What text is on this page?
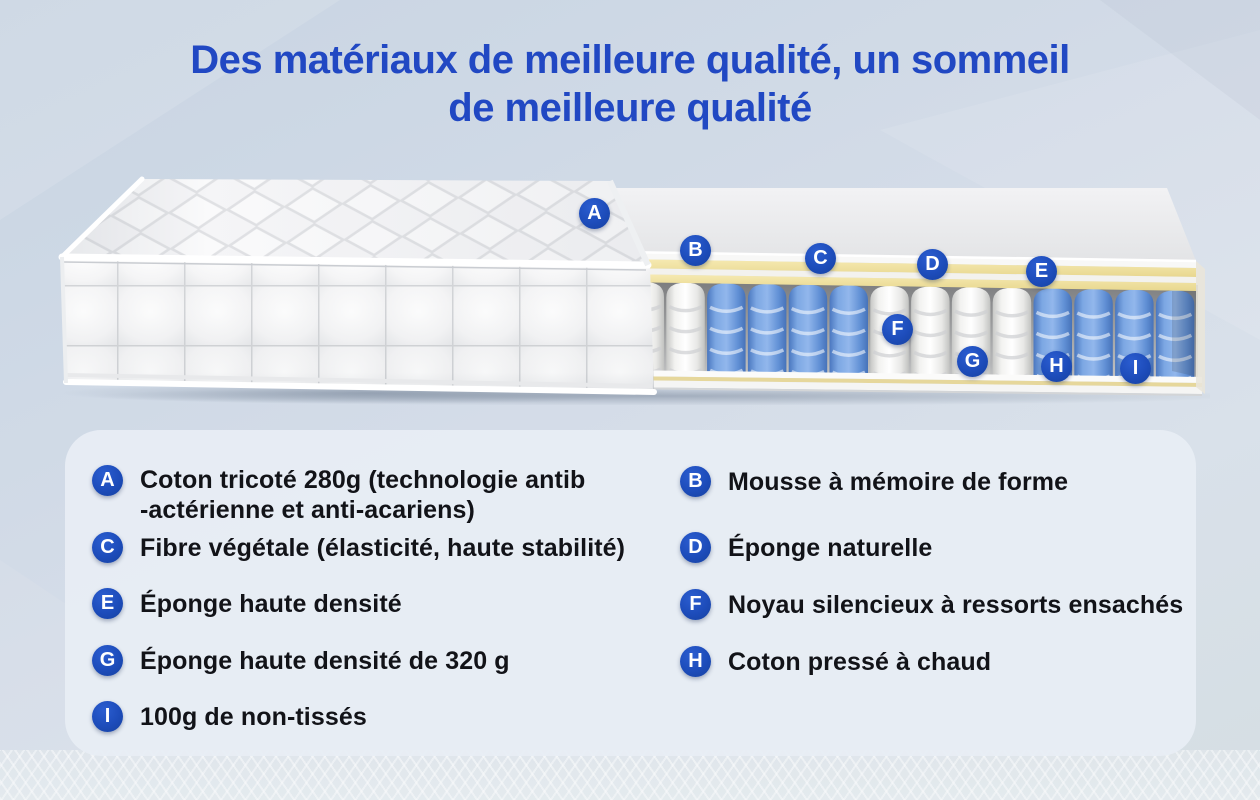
Des matériaux de meilleure qualité, un sommeil
de meilleure qualité
A
B	C	D	E
F
G	H	I
A	Coton tricoté 280g (technologie antib
-actérienne et anti-acariens)
C	Fibre végétale (élasticité, haute stabilité)
E	Éponge haute densité
G Éponge haute densité de 320 g
I	100g de non-tissés
B	Mousse à mémoire de forme
D	Éponge naturelle
F	Noyau silencieux à ressorts ensachés
H	Coton pressé à chaud
